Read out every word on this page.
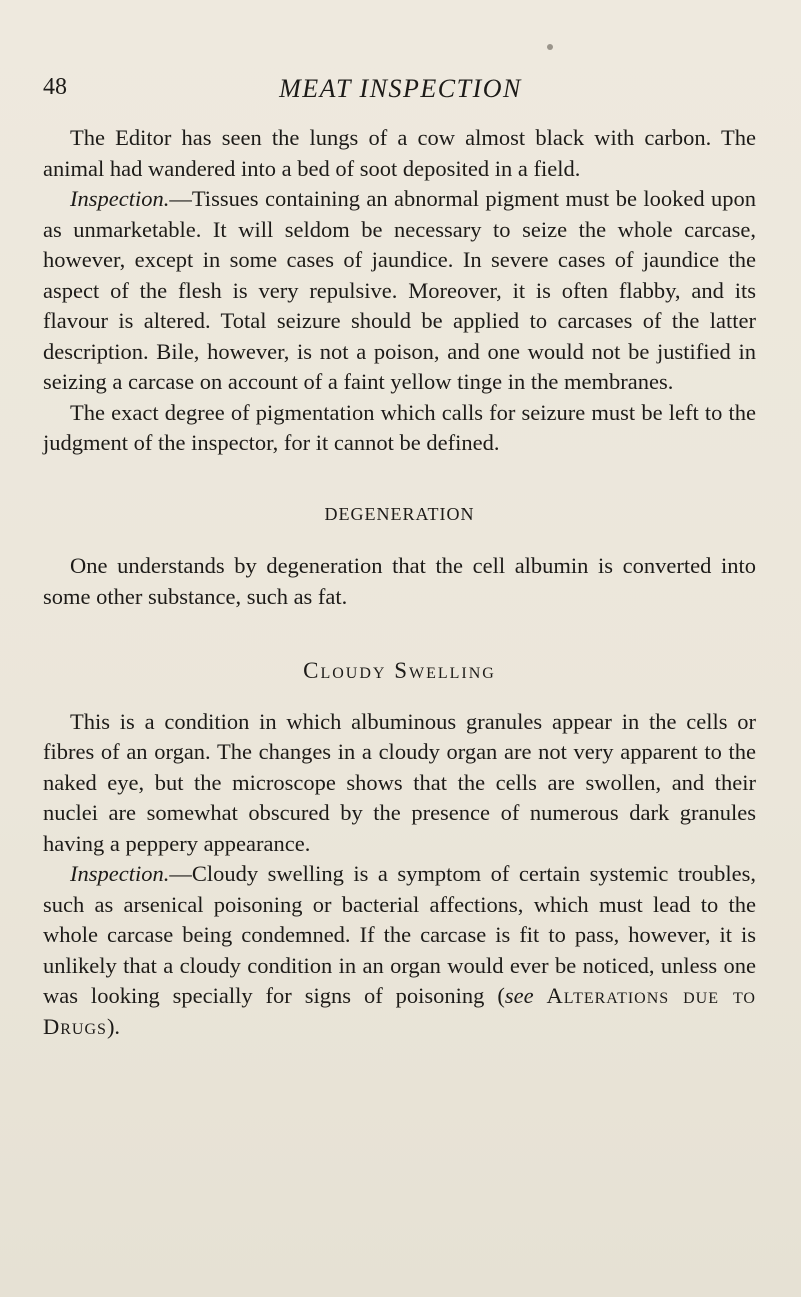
48	MEAT INSPECTION

The Editor has seen the lungs of a cow almost black with carbon. The animal had wandered into a bed of soot deposited in a field.

Inspection.—Tissues containing an abnormal pigment must be looked upon as unmarketable. It will seldom be necessary to seize the whole carcase, however, except in some cases of jaundice. In severe cases of jaundice the aspect of the flesh is very repulsive. Moreover, it is often flabby, and its flavour is altered. Total seizure should be applied to carcases of the latter description. Bile, however, is not a poison, and one would not be justified in seizing a carcase on account of a faint yellow tinge in the membranes.

The exact degree of pigmentation which calls for seizure must be left to the judgment of the inspector, for it cannot be defined.

DEGENERATION

One understands by degeneration that the cell albumin is converted into some other substance, such as fat.

Cloudy Swelling

This is a condition in which albuminous granules appear in the cells or fibres of an organ. The changes in a cloudy organ are not very apparent to the naked eye, but the microscope shows that the cells are swollen, and their nuclei are somewhat obscured by the presence of numerous dark granules having a peppery appearance.

Inspection.—Cloudy swelling is a symptom of certain systemic troubles, such as arsenical poisoning or bacterial affections, which must lead to the whole carcase being condemned. If the carcase is fit to pass, however, it is unlikely that a cloudy condition in an organ would ever be noticed, unless one was looking specially for signs of poisoning (see Alterations due to Drugs).
